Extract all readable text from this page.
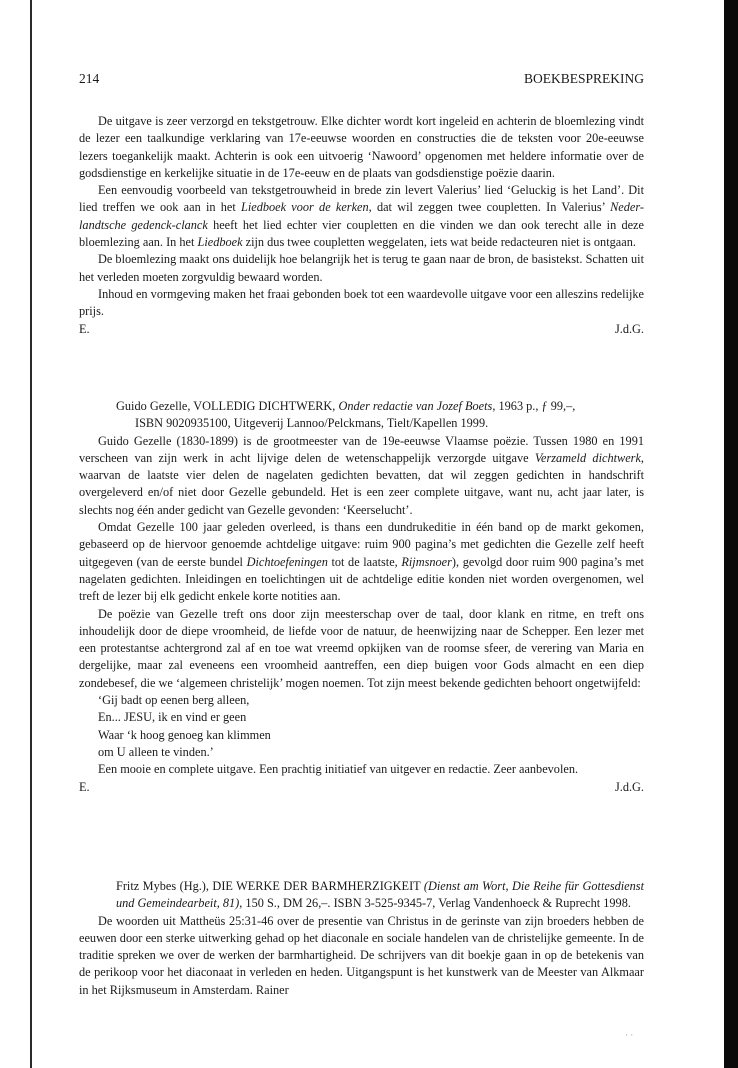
214	BOEKBESPREKING

De uitgave is zeer verzorgd en tekstgetrouw. Elke dichter wordt kort ingeleid en achterin de bloemlezing vindt de lezer een taalkundige verklaring van 17e-eeuwse woorden en constructies die de teksten voor 20e-eeuwse lezers toegankelijk maakt. Achterin is ook een uitvoerig ‘Nawoord’ opgenomen met heldere informatie over de godsdienstige en kerkelijke situatie in de 17e-eeuw en de plaats van godsdienstige poëzie daarin.

Een eenvoudig voorbeeld van tekstgetrouwheid in brede zin levert Valerius’ lied ‘Geluckig is het Land’. Dit lied treffen we ook aan in het Liedboek voor de kerken, dat wil zeggen twee coupletten. In Valerius’ Neder-landtsche gedenck-clanck heeft het lied echter vier coupletten en die vinden we dan ook terecht alle in deze bloemlezing aan. In het Liedboek zijn dus twee coupletten weggelaten, iets wat beide redacteuren niet is ontgaan.

De bloemlezing maakt ons duidelijk hoe belangrijk het is terug te gaan naar de bron, de basistekst. Schatten uit het verleden moeten zorgvuldig bewaard worden.

Inhoud en vormgeving maken het fraai gebonden boek tot een waardevolle uitgave voor een alleszins redelijke prijs.

E.	J.d.G.

Guido Gezelle, VOLLEDIG DICHTWERK, Onder redactie van Jozef Boets, 1963 p., ƒ 99,–,
ISBN 9020935100, Uitgeverij Lannoo/Pelckmans, Tielt/Kapellen 1999.

Guido Gezelle (1830-1899) is de grootmeester van de 19e-eeuwse Vlaamse poëzie. Tussen 1980 en 1991 verscheen van zijn werk in acht lijvige delen de wetenschappelijk verzorgde uitgave Verzameld dichtwerk, waarvan de laatste vier delen de nagelaten gedichten bevatten, dat wil zeggen gedichten in handschrift overgeleverd en/of niet door Gezelle gebundeld. Het is een zeer complete uitgave, want nu, acht jaar later, is slechts nog één ander gedicht van Gezelle gevonden: ‘Keerselucht’.

Omdat Gezelle 100 jaar geleden overleed, is thans een dundrukeditie in één band op de markt gekomen, gebaseerd op de hiervoor genoemde achtdelige uitgave: ruim 900 pagina’s met gedichten die Gezelle zelf heeft uitgegeven (van de eerste bundel Dichtoefeningen tot de laatste, Rijmsnoer), gevolgd door ruim 900 pagina’s met nagelaten gedichten. Inleidingen en toelichtingen uit de achtdelige editie konden niet worden overgenomen, wel treft de lezer bij elk gedicht enkele korte notities aan.

De poëzie van Gezelle treft ons door zijn meesterschap over de taal, door klank en ritme, en treft ons inhoudelijk door de diepe vroomheid, de liefde voor de natuur, de heenwijzing naar de Schepper. Een lezer met een protestantse achtergrond zal af en toe wat vreemd opkijken van de roomse sfeer, de verering van Maria en dergelijke, maar zal eveneens een vroomheid aantreffen, een diep buigen voor Gods almacht en een diep zondebesef, die we ‘algemeen christelijk’ mogen noemen. Tot zijn meest bekende gedichten behoort ongetwijfeld:

‘Gij badt op eenen berg alleen,
En... JESU, ik en vind er geen
Waar ‘k hoog genoeg kan klimmen
om U alleen te vinden.’

Een mooie en complete uitgave. Een prachtig initiatief van uitgever en redactie. Zeer aanbevolen.

E.	J.d.G.

Fritz Mybes (Hg.), DIE WERKE DER BARMHERZIGKEIT (Dienst am Wort, Die Reihe für Gottesdienst und Gemeindearbeit, 81), 150 S., DM 26,–. ISBN 3-525-9345-7, Verlag Vandenhoeck & Ruprecht 1998.

De woorden uit Mattheüs 25:31-46 over de presentie van Christus in de gerinste van zijn broeders hebben de eeuwen door een sterke uitwerking gehad op het diaconale en sociale handelen van de christelijke gemeente. In de traditie spreken we over de werken der barmhartigheid. De schrijvers van dit boekje gaan in op de betekenis van de perikoop voor het diaconaat in verleden en heden. Uitgangspunt is het kunstwerk van de Meester van Alkmaar in het Rijksmuseum in Amsterdam. Rainer

· ·
